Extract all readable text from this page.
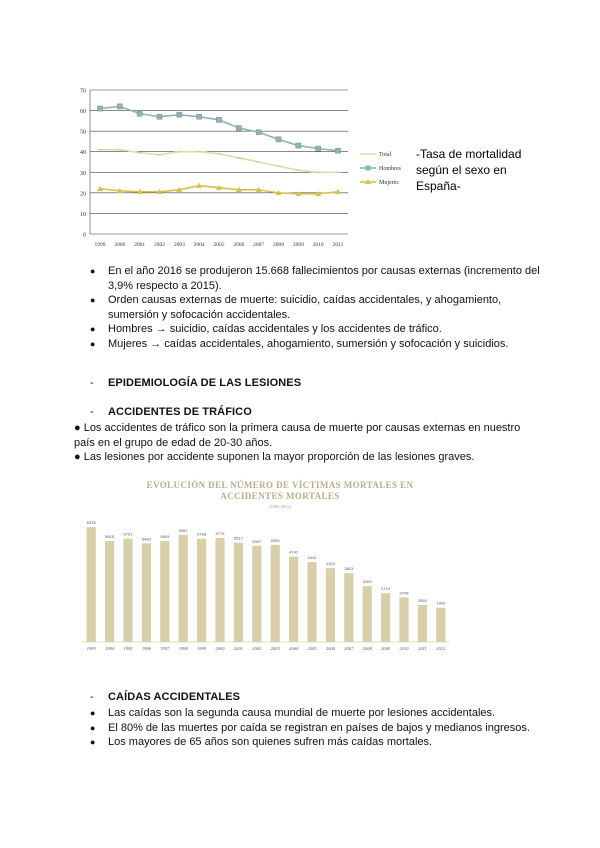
0
10
20
30
40
50
60
70
1999 2000 2001 2002 2003 2004 2005 2006 2007 2008 2009 2010 2011
Total
Hombres
Mujeres
-Tasa de mortalidad
según el sexo en
España-
● En el año 2016 se produjeron 15.668 fallecimientos por causas externas (incremento del 3,9% respecto a 2015).
● Orden causas externas de muerte: suicidio, caídas accidentales, y ahogamiento, sumersión y sofocación accidentales.
● Hombres → suicidio, caídas accidentales y los accidentes de tráfico.
● Mujeres → caídas accidentales, ahogamiento, sumersión y sofocación y suicidios.
- EPIDEMIOLOGÍA DE LAS LESIONES
- ACCIDENTES DE TRÁFICO
● Los accidentes de tráfico son la primera causa de muerte por causas externas en nuestro país en el grupo de edad de 20-30 años.
● Las lesiones por accidente suponen la mayor proporción de las lesiones graves.
EVOLUCIÓN DEL NÚMERO DE VÍCTIMAS MORTALES EN
ACCIDENTES MORTALES
(1993-2012)
6378
1993
5615
1994
5751
1995
5483
1996
5604
1997
5957
1998
5738
1999
5776
2000
5517
2001
5347
2002
5399
2003
4741
2004
4442
2005
4104
2006
3823
2007
3100
2008
2714
2009
2478
2010
2060
2011
1903
2012
- CAÍDAS ACCIDENTALES
● Las caídas son la segunda causa mundial de muerte por lesiones accidentales.
● El 80% de las muertes por caída se registran en países de bajos y medianos ingresos.
● Los mayores de 65 años son quienes sufren más caídas mortales.
